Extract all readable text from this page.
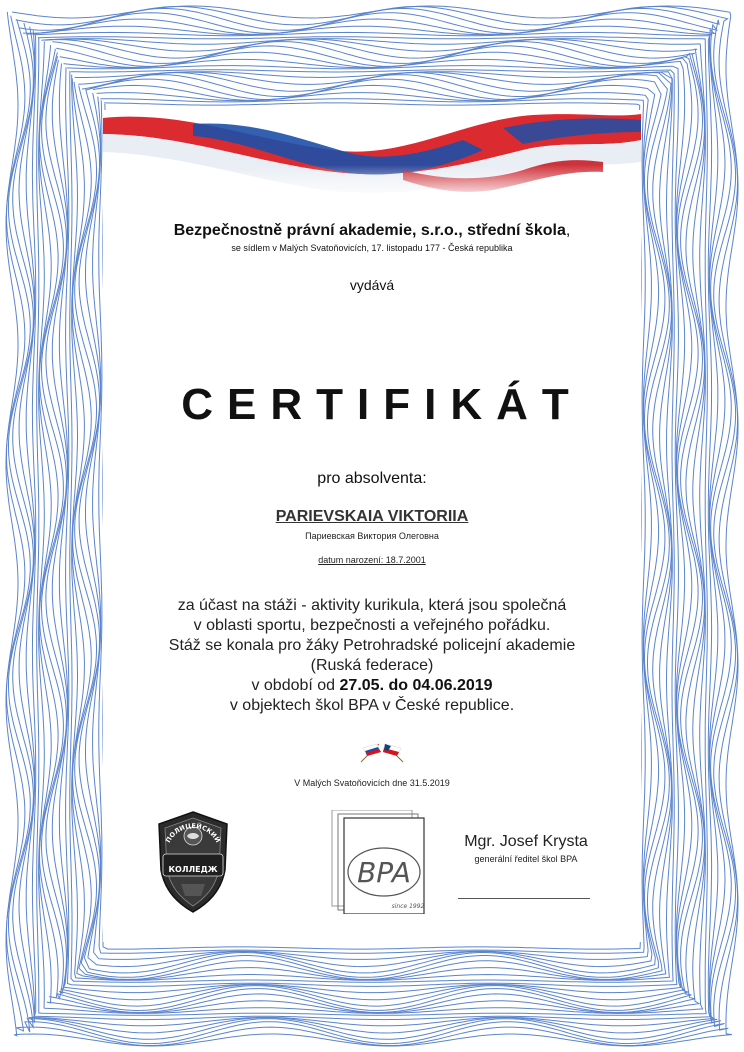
Bezpečnostně právní akademie, s.r.o., střední škola,
se sídlem v Malých Svatoňovicích, 17. listopadu 177 - Česká republika
vydává
CERTIFIKÁT
pro absolventa:
PARIEVSKAIA VIKTORIIA
Париевская Виктория Олеговна
datum narození: 18.7.2001
za účast na stáži - aktivity kurikula, která jsou společná
v oblasti sportu, bezpečnosti a veřejného pořádku.
Stáž se konala pro žáky Petrohradské policejní akademie
(Ruská federace)
v období od 27.05. do 04.06.2019
v objektech škol BPA v České republice.
V Malých Svatoňovicích dne 31.5.2019
ПОЛИЦЕЙСКИЙ
КОЛЛЕДЖ	BPA
since 1992
Mgr. Josef Krysta
generální ředitel škol BPA
